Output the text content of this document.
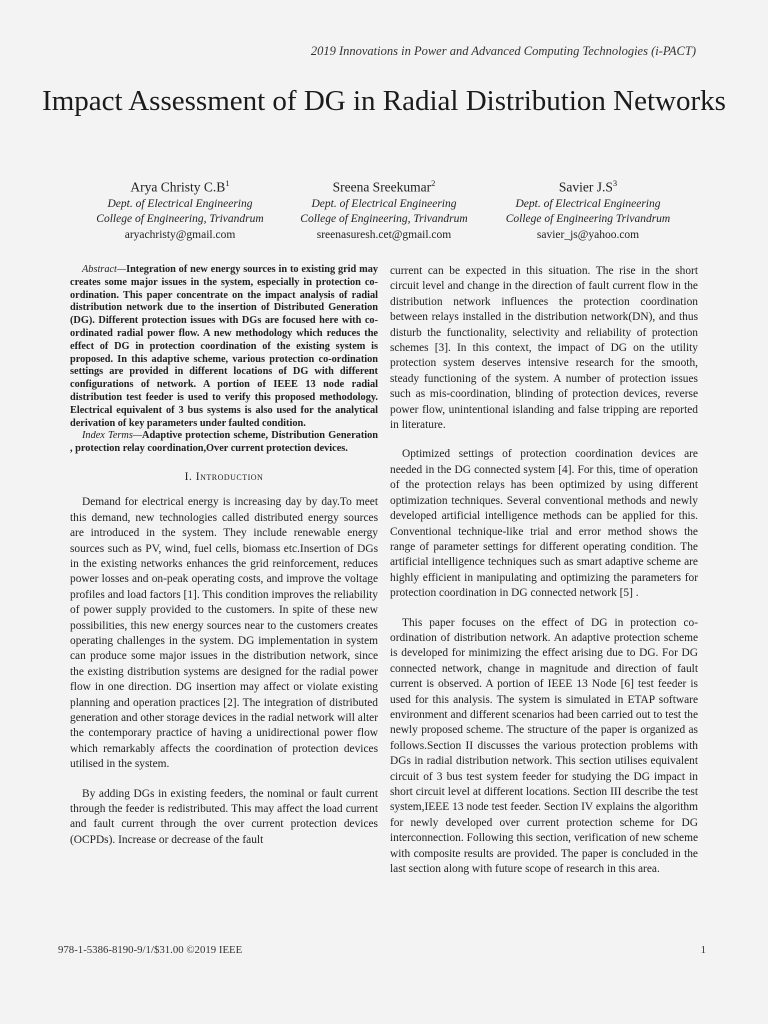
2019 Innovations in Power and Advanced Computing Technologies (i-PACT)
Impact Assessment of DG in Radial Distribution Networks
Arya Christy $C.B^1$
Dept. of Electrical Engineering
College of Engineering, Trivandrum
aryachristy@gmail.com
Sreena Sreekumar$^2$
Dept. of Electrical Engineering
College of Engineering, Trivandrum
sreenasuresh.cet@gmail.com
Savier $J.S^3$
Dept. of Electrical Engineering
College of Engineering Trivandrum
savier_js@yahoo.com

Abstract—Integration of new energy sources in to existing grid may creates some major issues in the system, especially in protection co-ordination. This paper concentrate on the impact analysis of radial distribution network due to the insertion of Distributed Generation (DG). Different protection issues with DGs are focused here with co-ordinated radial power flow. A new methodology which reduces the effect of DG in protection coordination of the existing system is proposed. In this adaptive scheme, various protection co-ordination settings are provided in different locations of DG with different configurations of network. A portion of IEEE 13 node radial distribution test feeder is used to verify this proposed methodology. Electrical equivalent of 3 bus systems is also used for the analytical derivation of key parameters under faulted condition.

Index Terms—Adaptive protection scheme, Distribution Generation , protection relay coordination,Over current protection devices.

I. Introduction

Demand for electrical energy is increasing day by day.To meet this demand, new technologies called distributed energy sources are introduced in the system. They include renewable energy sources such as PV, wind, fuel cells, biomass etc.Insertion of DGs in the existing networks enhances the grid reinforcement, reduces power losses and on-peak operating costs, and improve the voltage profiles and load factors [1]. This condition improves the reliability of power supply provided to the customers. In spite of these new possibilities, this new energy sources near to the customers creates operating challenges in the system. DG implementation in system can produce some major issues in the distribution network, since the existing distribution systems are designed for the radial power flow in one direction. DG insertion may affect or violate existing planning and operation practices [2]. The integration of distributed generation and other storage devices in the radial network will alter the contemporary practice of having a unidirectional power flow which remarkably affects the coordination of protection devices utilised in the system.

By adding DGs in existing feeders, the nominal or fault current through the feeder is redistributed. This may affect the load current and fault current through the over current protection devices (OCPDs). Increase or decrease of the fault

current can be expected in this situation. The rise in the short circuit level and change in the direction of fault current flow in the distribution network influences the protection coordination between relays installed in the distribution network(DN), and thus disturb the functionality, selectivity and reliability of protection schemes [3]. In this context, the impact of DG on the utility protection system deserves intensive research for the smooth, steady functioning of the system. A number of protection issues such as mis-coordination, blinding of protection devices, reverse power flow, unintentional islanding and false tripping are reported in literature.

Optimized settings of protection coordination devices are needed in the DG connected system [4]. For this, time of operation of the protection relays has been optimized by using different optimization techniques. Several conventional methods and newly developed artificial intelligence methods can be applied for this. Conventional technique-like trial and error method shows the range of parameter settings for different operating condition. The artificial intelligence techniques such as smart adaptive scheme are highly efficient in manipulating and optimizing the parameters for protection coordination in DG connected network [5] .

This paper focuses on the effect of DG in protection co-ordination of distribution network. An adaptive protection scheme is developed for minimizing the effect arising due to DG. For DG connected network, change in magnitude and direction of fault current is observed. A portion of IEEE 13 Node [6] test feeder is used for this analysis. The system is simulated in ETAP software environment and different scenarios had been carried out to test the newly proposed scheme. The structure of the paper is organized as follows.Section II discusses the various protection problems with DGs in radial distribution network. This section utilises equivalent circuit of 3 bus test system feeder for studying the DG impact in short circuit level at different locations. Section III describe the test system,IEEE 13 node test feeder. Section IV explains the algorithm for newly developed over current protection scheme for DG interconnection. Following this section, verification of new scheme with composite results are provided. The paper is concluded in the last section along with future scope of research in this area.

978-1-5386-8190-9/1/$31.00 ©2019 IEEE	1
